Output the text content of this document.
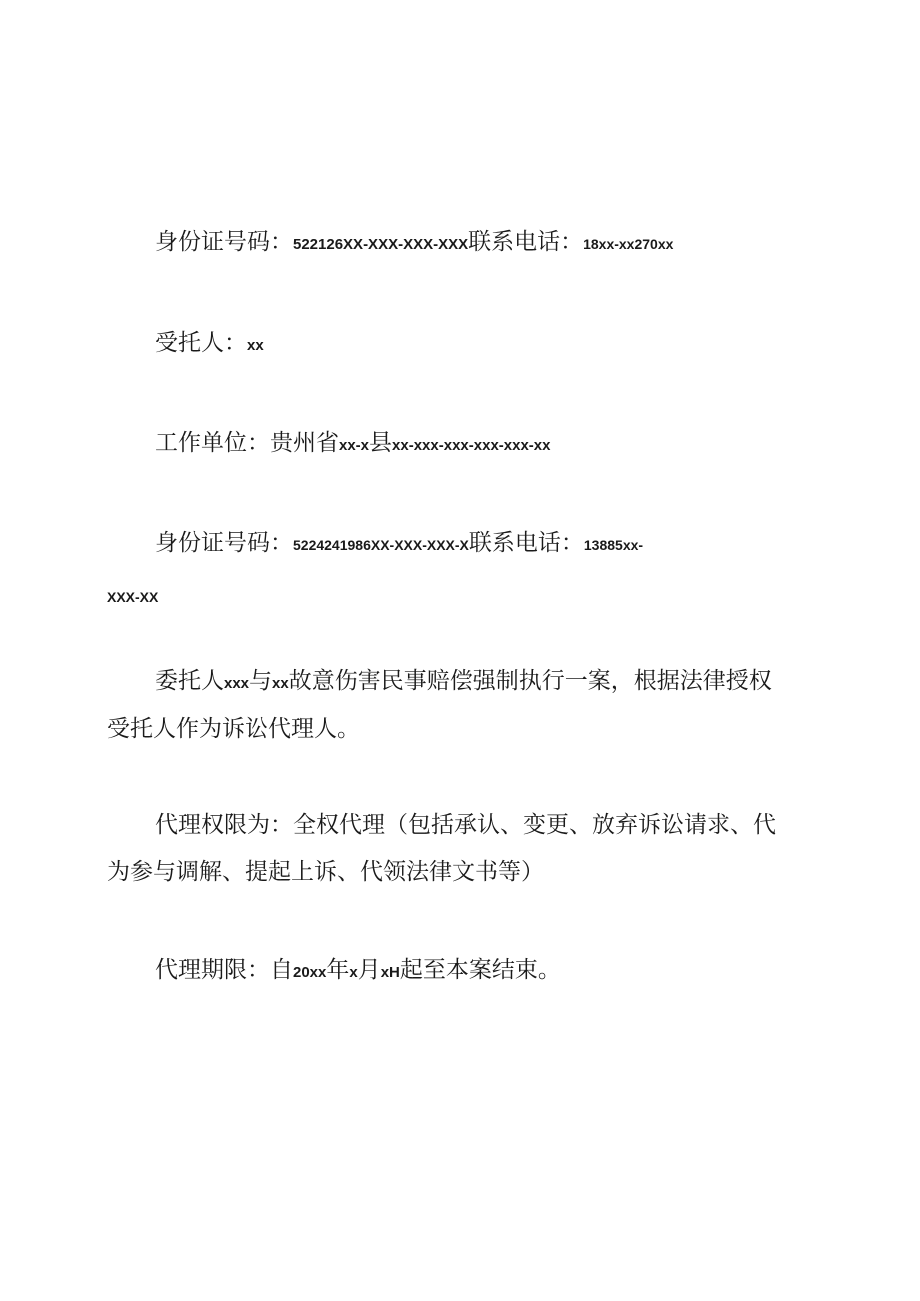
身份证号码：522126XX-XXX-XXX-XXX联系电话：18xx-xx270xx
受托人：xx
工作单位：贵州省xx-x县xx-xxx-xxx-xxx-xxx-xx
身份证号码：5224241986XX-XXX-XXX-X联系电话：13885xx-
XXX-XX
委托人xxx与xx故意伤害民事赔偿强制执行一案，根据法律授权
受托人作为诉讼代理人。
代理权限为：全权代理（包括承认、变更、放弃诉讼请求、代
为参与调解、提起上诉、代领法律文书等）
代理期限：自20xx年x月xH起至本案结束。
